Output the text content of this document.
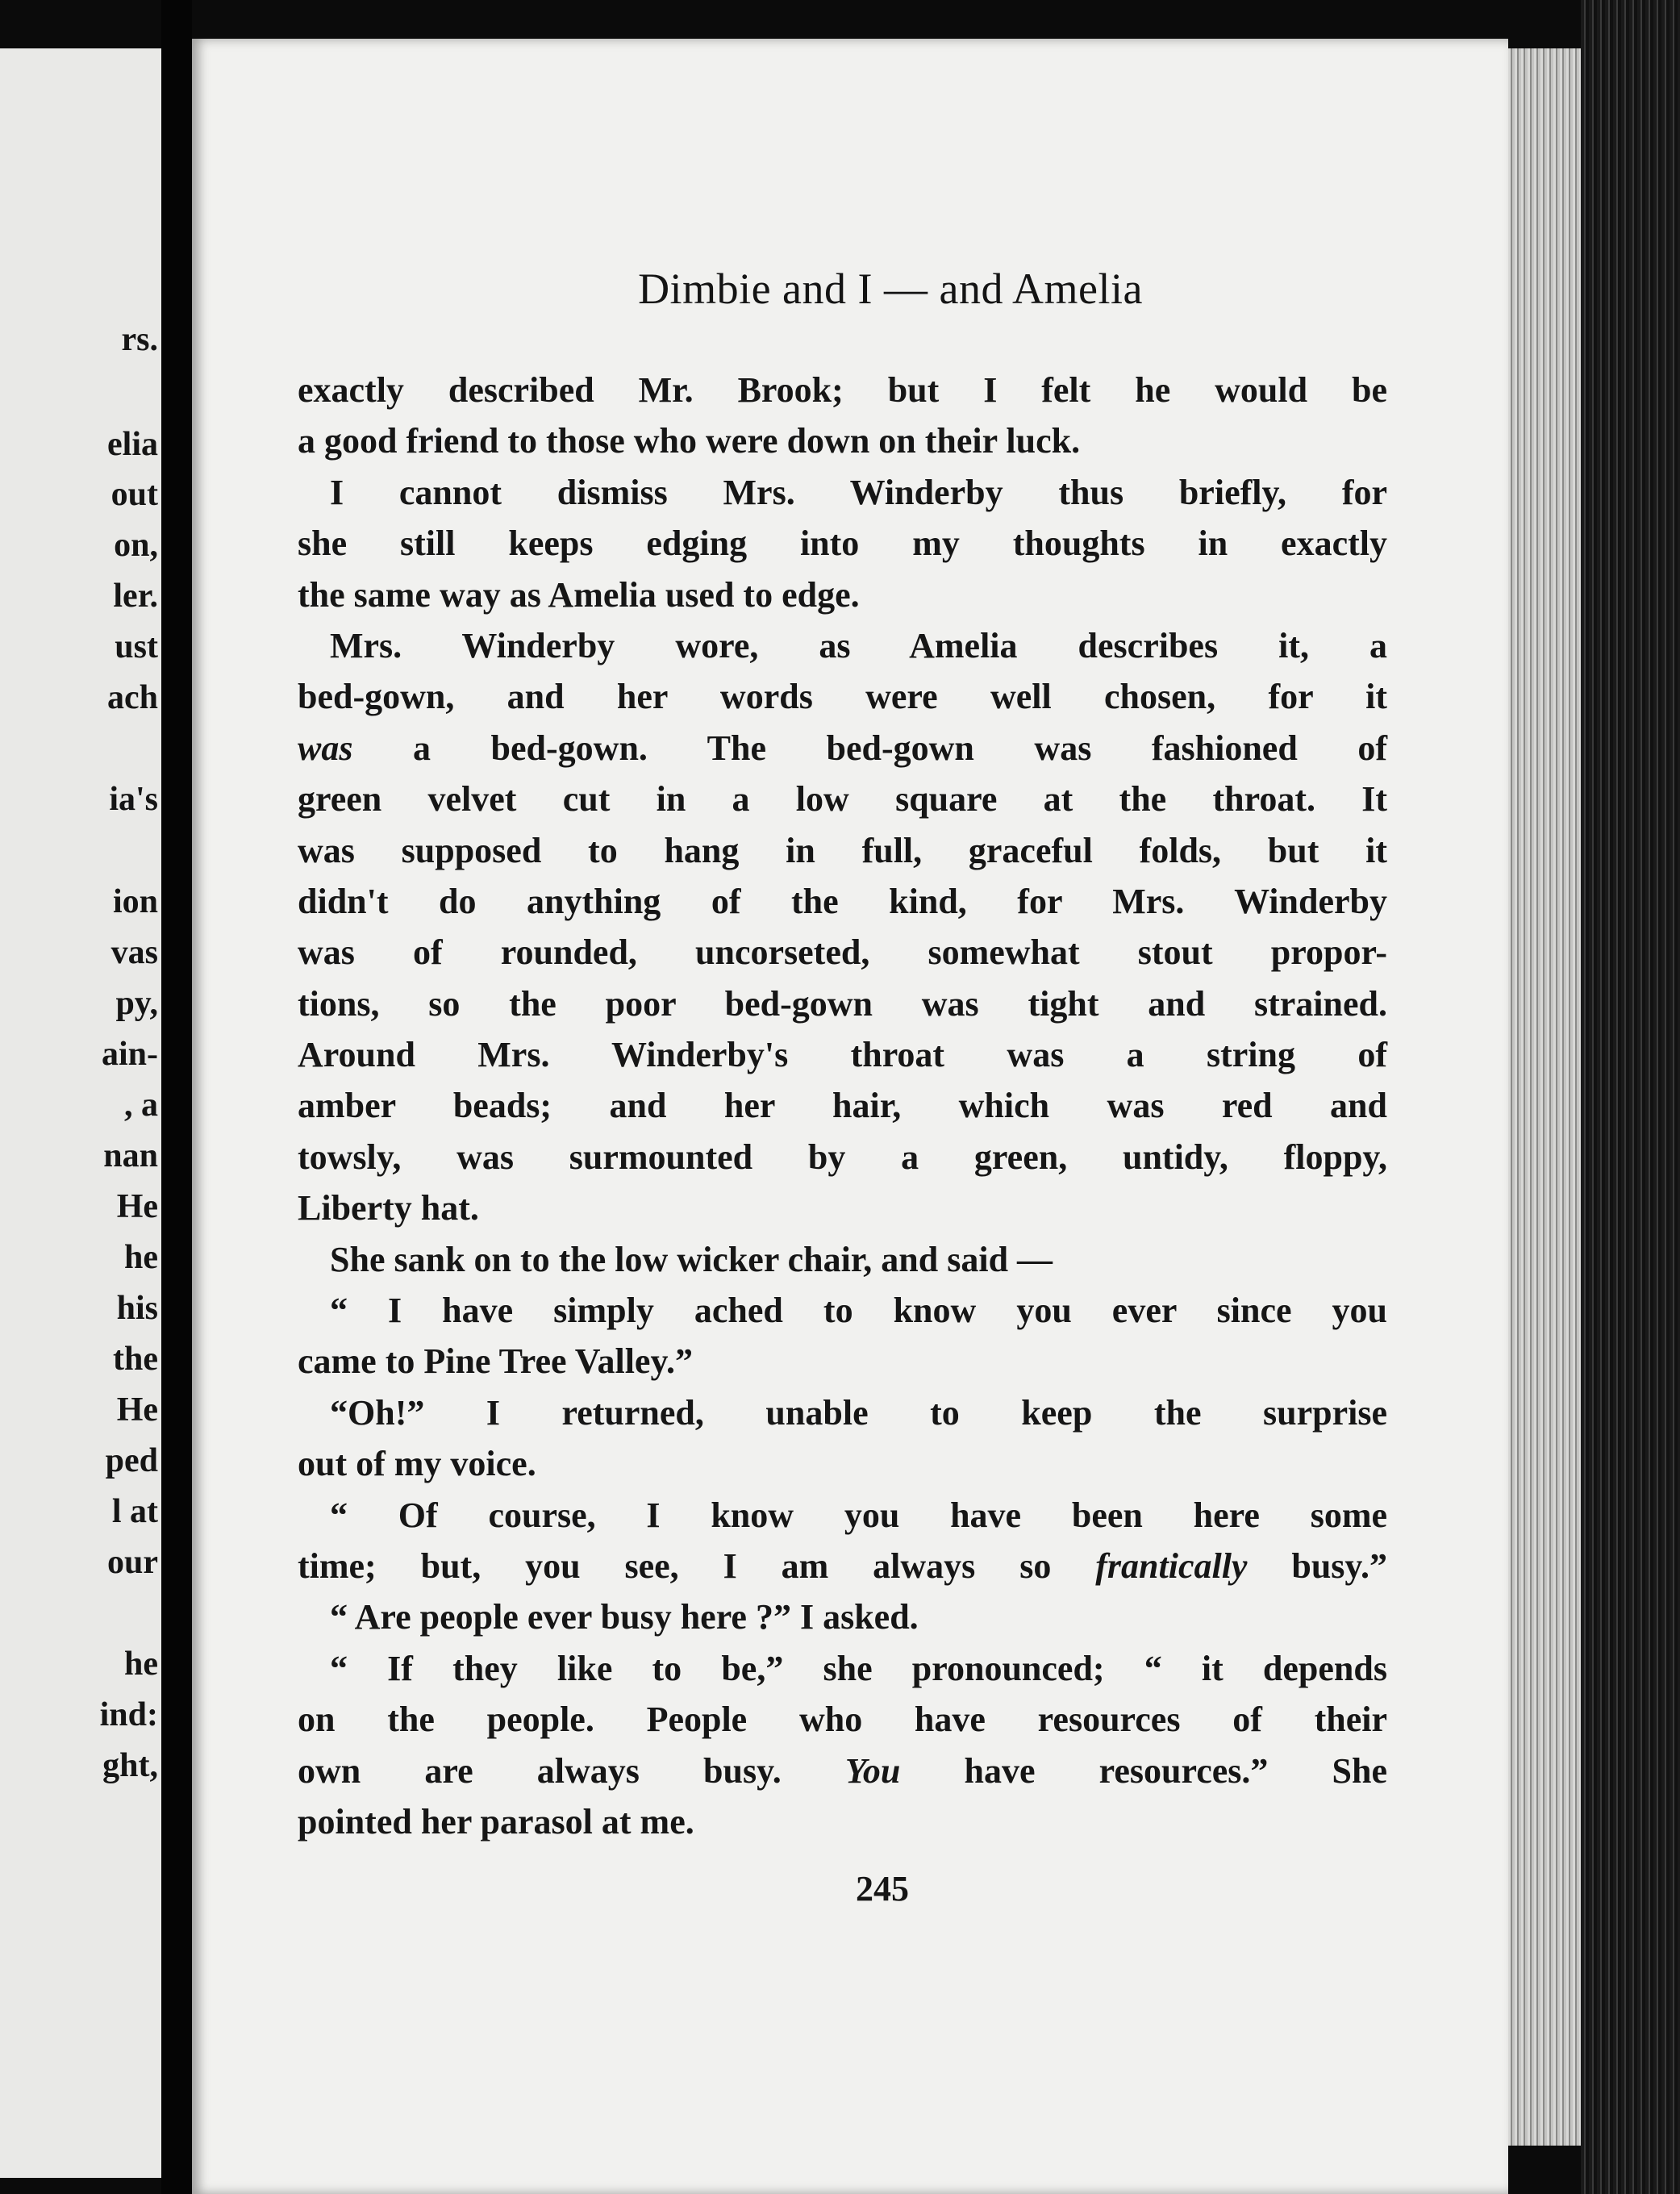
rs.
elia
out
on,
ler.
ust
ach
ia's
ion
vas
py,
ain-
, a
nan
He
he
his
the
He
ped
l at
our
he
ind:
ght,
Dimbie and I — and Amelia
exactly described Mr. Brook; but I felt he would be
a good friend to those who were down on their luck.
I cannot dismiss Mrs. Winderby thus briefly, for
she still keeps edging into my thoughts in exactly
the same way as Amelia used to edge.
Mrs. Winderby wore, as Amelia describes it, a
bed-gown, and her words were well chosen, for it
was a bed-gown. The bed-gown was fashioned of
green velvet cut in a low square at the throat. It
was supposed to hang in full, graceful folds, but it
didn't do anything of the kind, for Mrs. Winderby
was of rounded, uncorseted, somewhat stout propor-
tions, so the poor bed-gown was tight and strained.
Around Mrs. Winderby's throat was a string of
amber beads; and her hair, which was red and
towsly, was surmounted by a green, untidy, floppy,
Liberty hat.
She sank on to the low wicker chair, and said —
“ I have simply ached to know you ever since you
came to Pine Tree Valley.”
“Oh!” I returned, unable to keep the surprise
out of my voice.
“ Of course, I know you have been here some
time; but, you see, I am always so frantically busy.”
“ Are people ever busy here ?” I asked.
“ If they like to be,” she pronounced; “ it depends
on the people. People who have resources of their
own are always busy. You have resources.” She
pointed her parasol at me.
245
